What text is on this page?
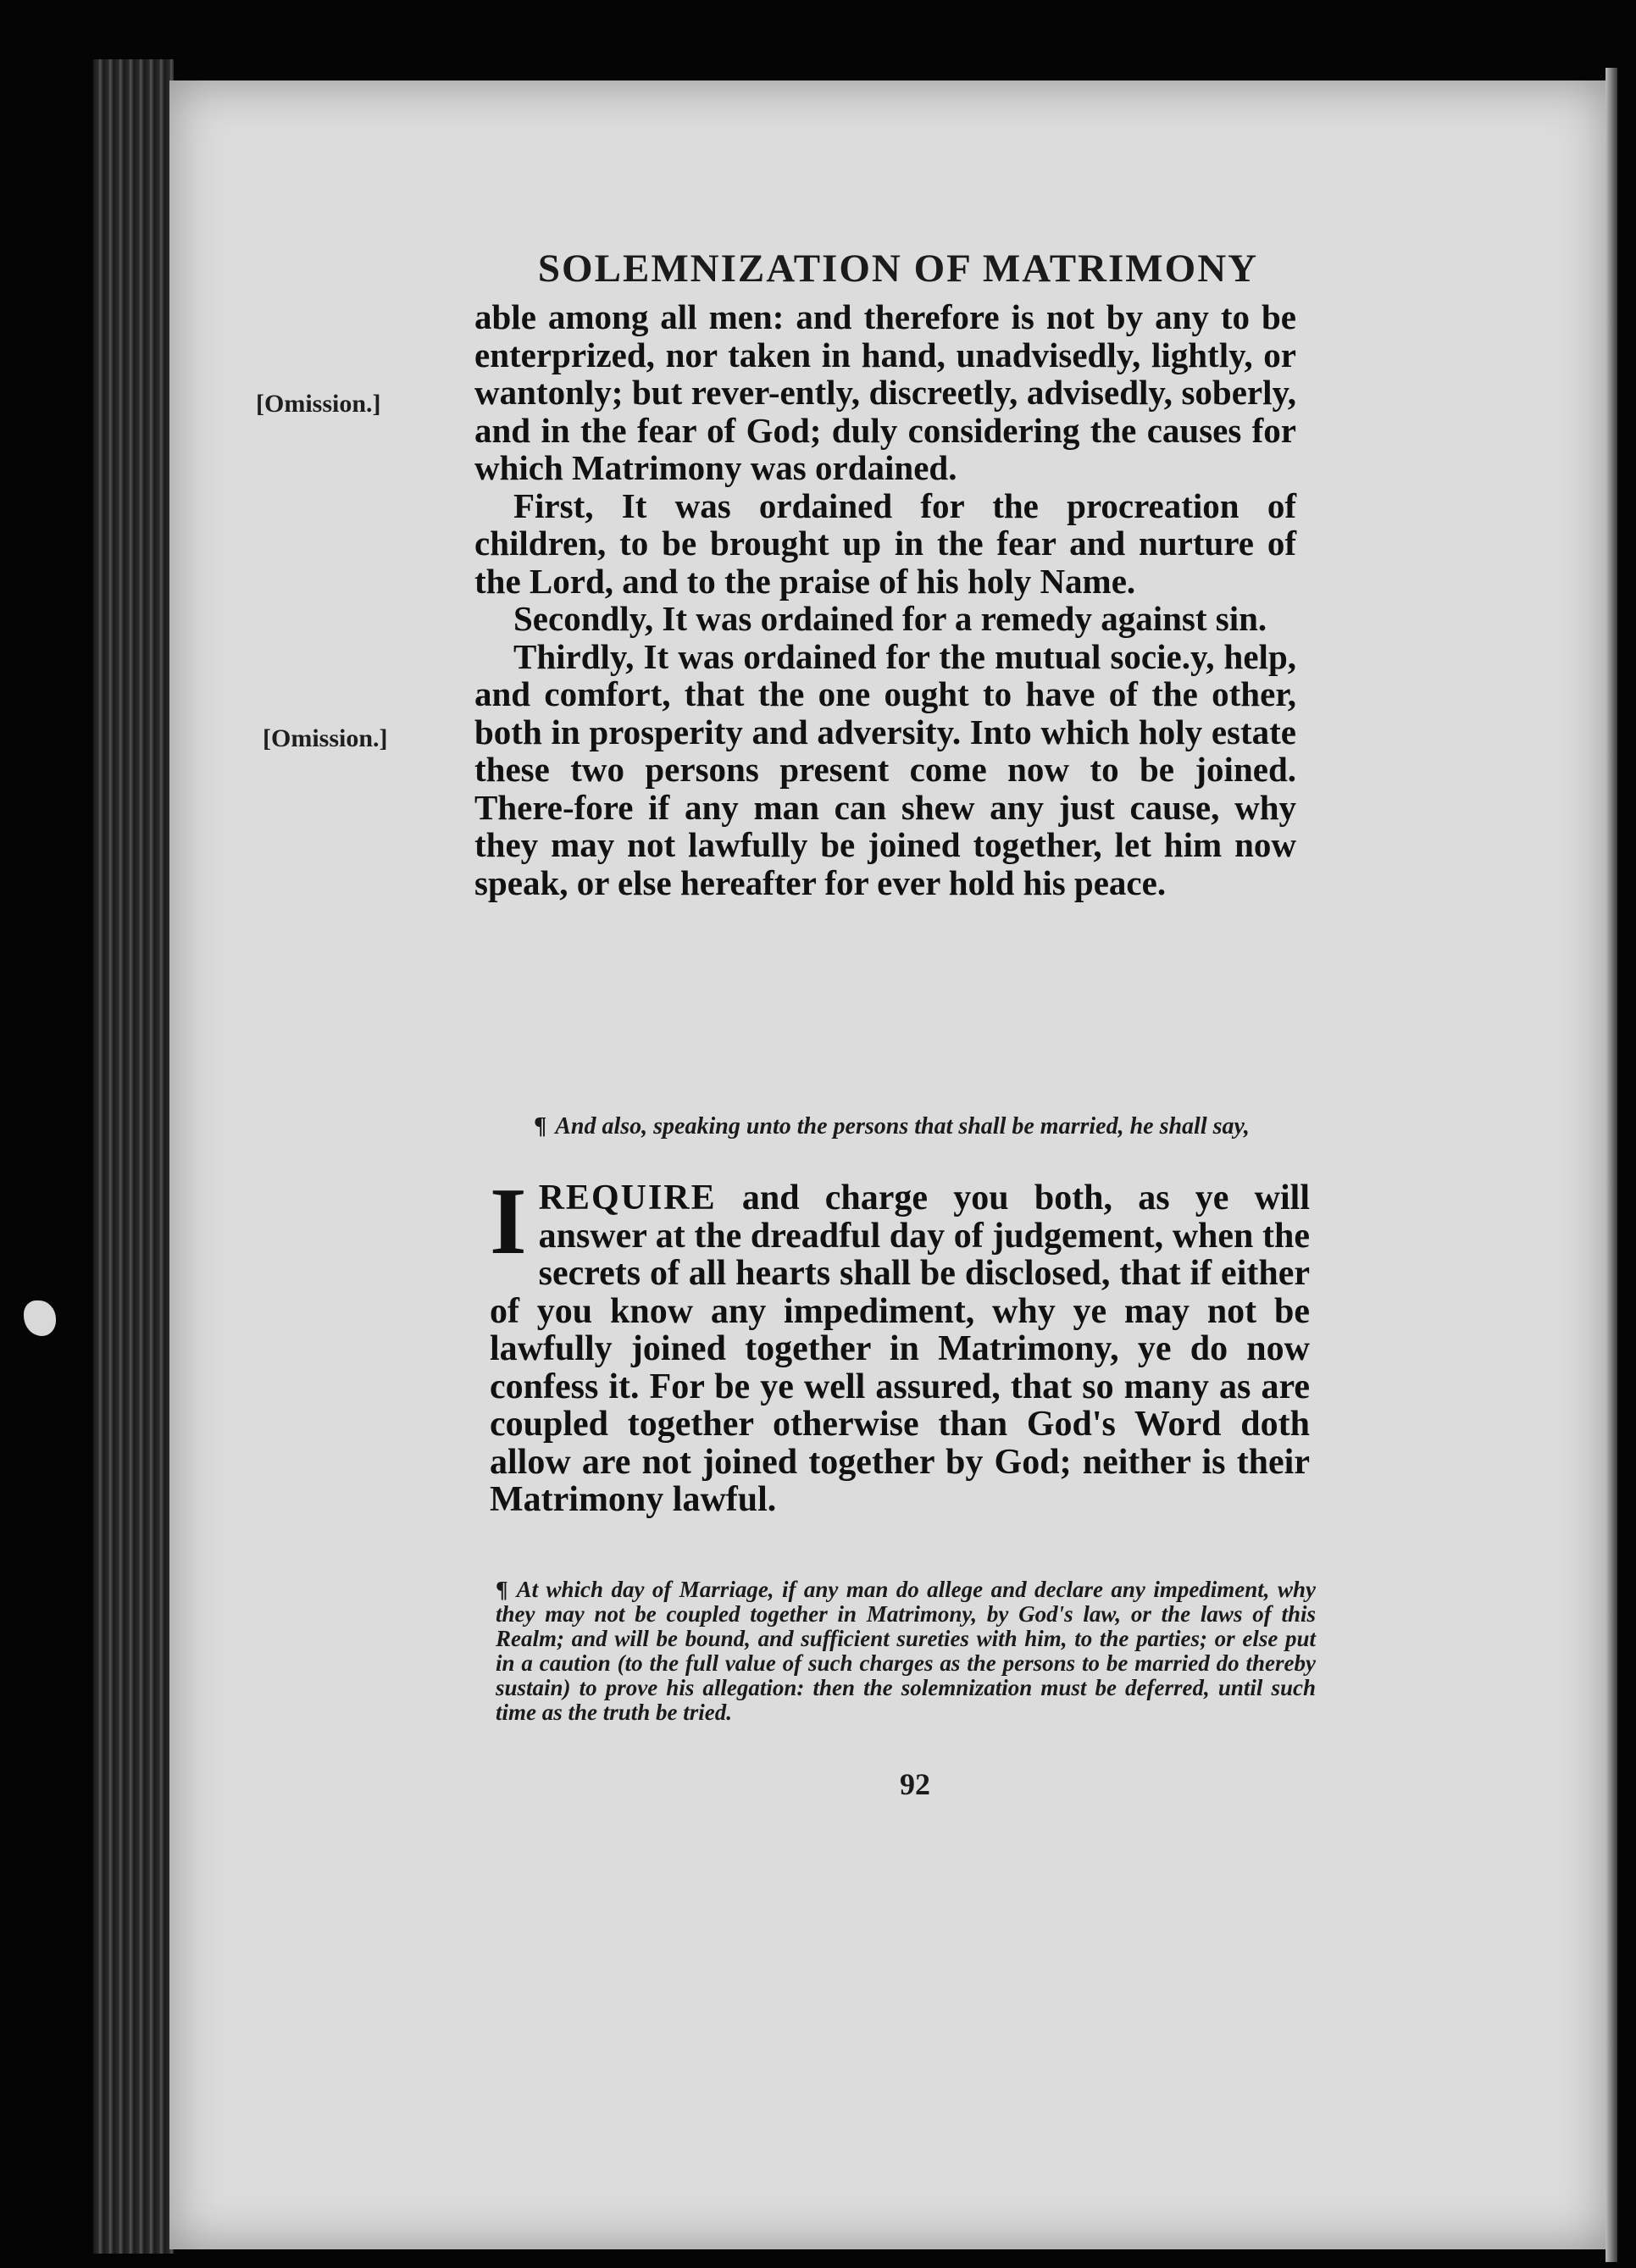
SOLEMNIZATION OF MATRIMONY
[Omission.]
[Omission.]

able among all men: and therefore is not by any to be enterprized, nor taken in hand, unadvisedly, lightly, or wantonly; but rever-ently, discreetly, advisedly, soberly, and in the fear of God; duly considering the causes for which Matrimony was ordained.

First, It was ordained for the procreation of children, to be brought up in the fear and nurture of the Lord, and to the praise of his holy Name.

Secondly, It was ordained for a remedy against sin.

Thirdly, It was ordained for the mutual socie.y, help, and comfort, that the one ought to have of the other, both in prosperity and adversity. Into which holy estate these two persons present come now to be joined. There-fore if any man can shew any just cause, why they may not lawfully be joined together, let him now speak, or else hereafter for ever hold his peace.

¶ And also, speaking unto the persons that shall be married, he shall say,
IREQUIRE and charge you both, as ye will answer at the dreadful day of judgement, when the secrets of all hearts shall be disclosed, that if either of you know any impediment, why ye may not be lawfully joined together in Matrimony, ye do now confess it. For be ye well assured, that so many as are coupled together otherwise than God's Word doth allow are not joined together by God; neither is their Matrimony lawful.
¶ At which day of Marriage, if any man do allege and declare any impediment, why they may not be coupled together in Matrimony, by God's law, or the laws of this Realm; and will be bound, and sufficient sureties with him, to the parties; or else put in a caution (to the full value of such charges as the persons to be married do thereby sustain) to prove his allegation: then the solemnization must be deferred, until such time as the truth be tried.
92
